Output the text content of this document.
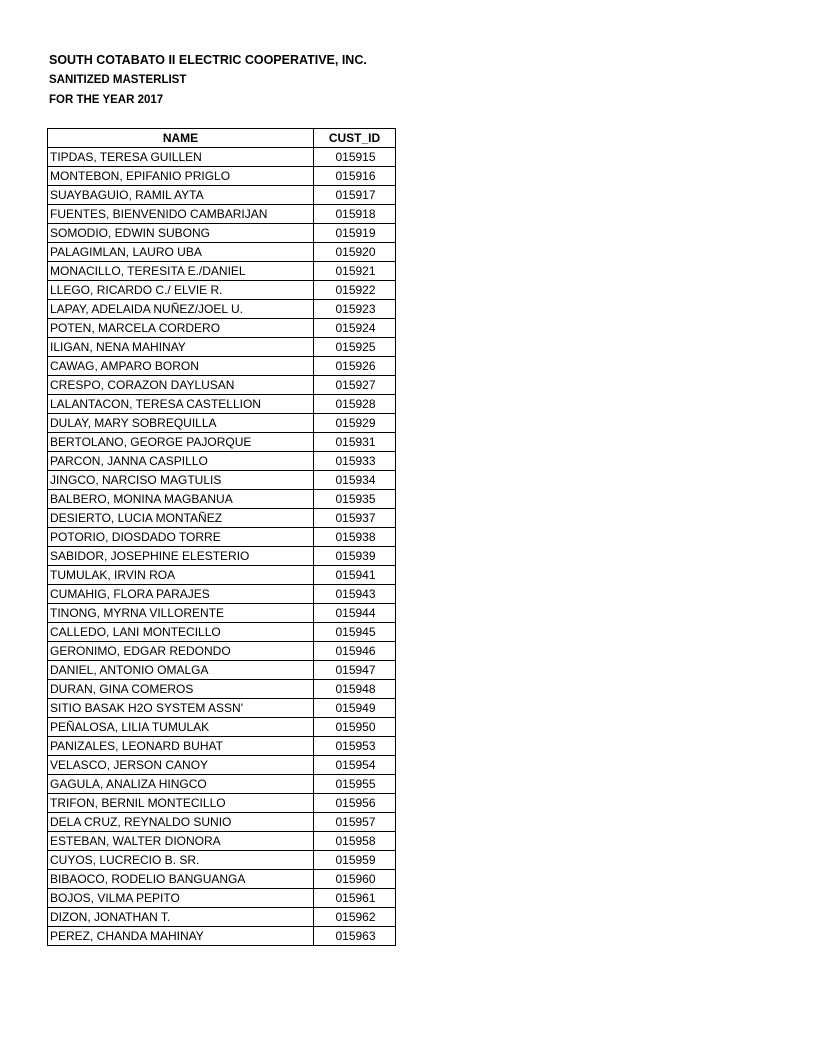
SOUTH COTABATO II ELECTRIC COOPERATIVE, INC.
SANITIZED MASTERLIST
FOR THE YEAR 2017
NAME	CUST_ID
TIPDAS, TERESA GUILLEN	015915
MONTEBON, EPIFANIO PRIGLO	015916
SUAYBAGUIO, RAMIL AYTA	015917
FUENTES, BIENVENIDO CAMBARIJAN	015918
SOMODIO, EDWIN SUBONG	015919
PALAGIMLAN, LAURO UBA	015920
MONACILLO, TERESITA E./DANIEL	015921
LLEGO, RICARDO C./ ELVIE R.	015922
LAPAY, ADELAIDA NUÑEZ/JOEL U.	015923
POTEN, MARCELA CORDERO	015924
ILIGAN, NENA MAHINAY	015925
CAWAG, AMPARO BORON	015926
CRESPO, CORAZON DAYLUSAN	015927
LALANTACON, TERESA CASTELLION	015928
DULAY, MARY SOBREQUILLA	015929
BERTOLANO, GEORGE PAJORQUE	015931
PARCON, JANNA CASPILLO	015933
JINGCO, NARCISO MAGTULIS	015934
BALBERO, MONINA MAGBANUA	015935
DESIERTO, LUCIA MONTAÑEZ	015937
POTORIO, DIOSDADO TORRE	015938
SABIDOR, JOSEPHINE ELESTERIO	015939
TUMULAK, IRVIN ROA	015941
CUMAHIG, FLORA PARAJES	015943
TINONG, MYRNA VILLORENTE	015944
CALLEDO, LANI MONTECILLO	015945
GERONIMO, EDGAR REDONDO	015946
DANIEL, ANTONIO OMALGA	015947
DURAN, GINA COMEROS	015948
SITIO BASAK H2O SYSTEM ASSN'	015949
PEÑALOSA, LILIA TUMULAK	015950
PANIZALES, LEONARD BUHAT	015953
VELASCO, JERSON CANOY	015954
GAGULA, ANALIZA HINGCO	015955
TRIFON, BERNIL MONTECILLO	015956
DELA CRUZ, REYNALDO SUNIO	015957
ESTEBAN, WALTER DIONORA	015958
CUYOS, LUCRECIO B. SR.	015959
BIBAOCO, RODELIO BANGUANGA	015960
BOJOS, VILMA PEPITO	015961
DIZON, JONATHAN T.	015962
PEREZ, CHANDA MAHINAY	015963
